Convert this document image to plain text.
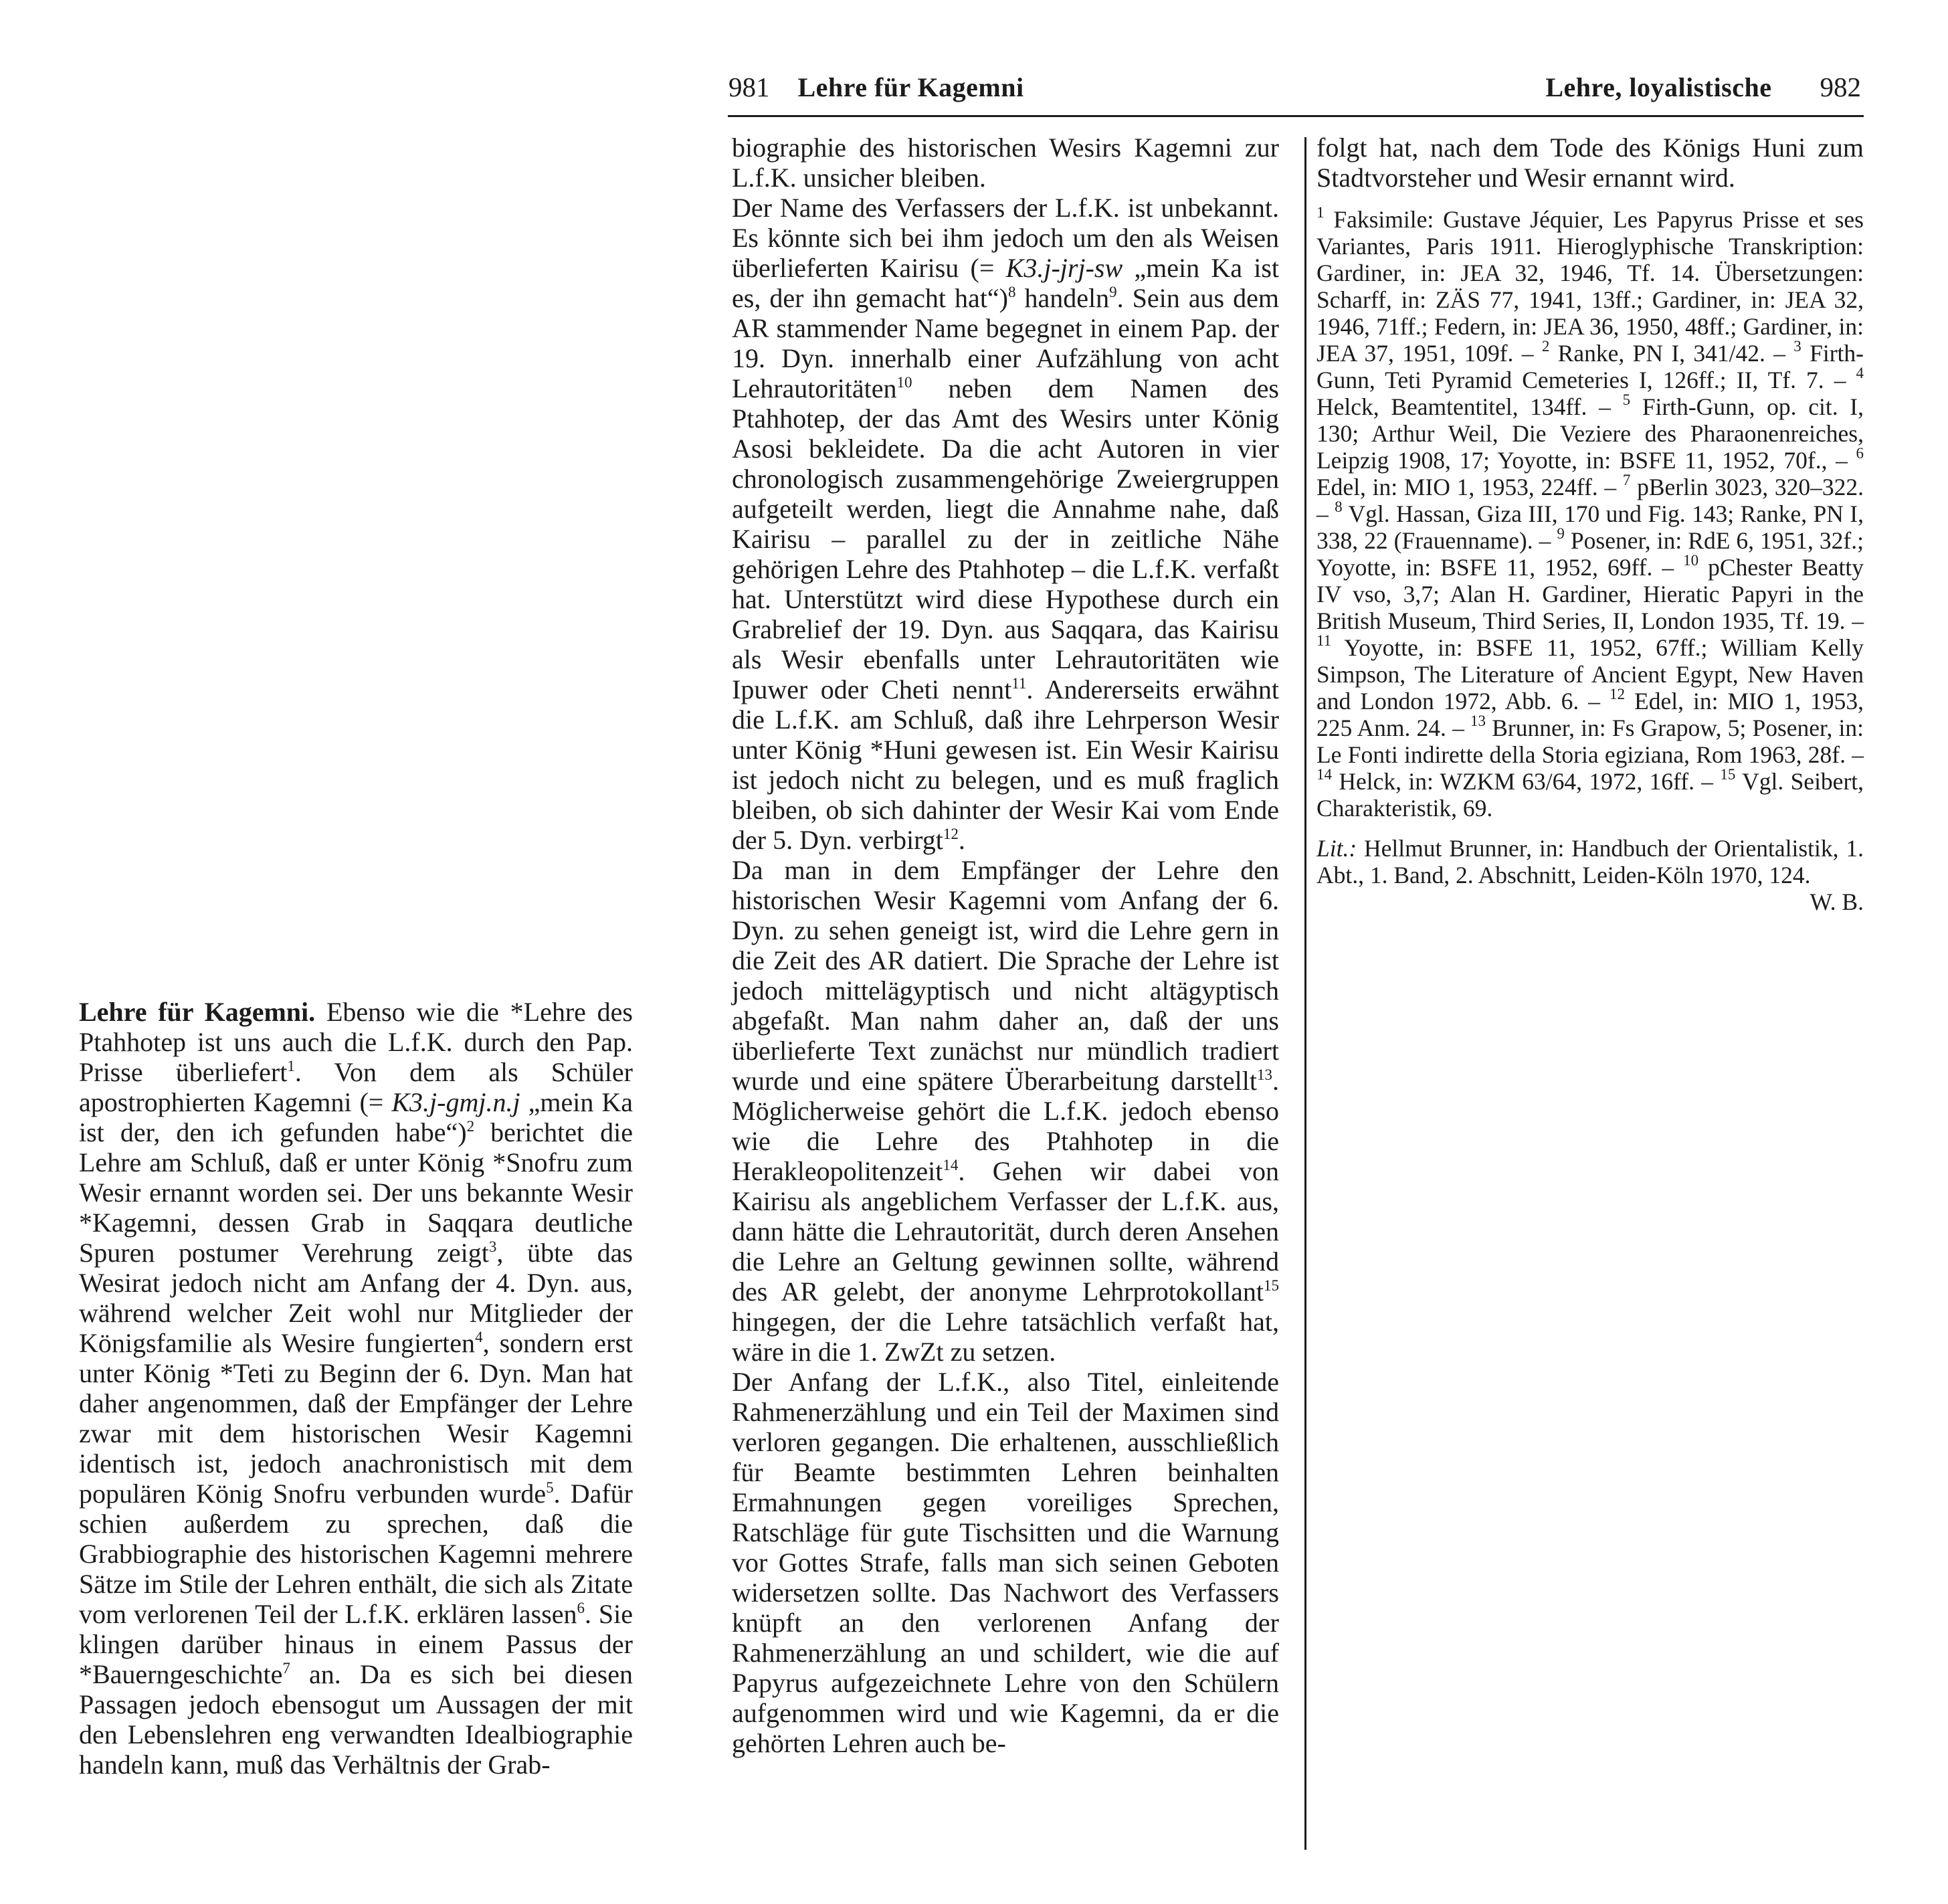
981 Lehre für Kagemni	Lehre, loyalistische 982

Lehre für Kagemni. Ebenso wie die *Lehre des Ptahhotep ist uns auch die L.f.K. durch den Pap. Prisse überliefert$^1$. Von dem als Schüler apostrophierten Kagemni (= K3.j-gmj.n.j „mein Ka ist der, den ich gefunden habe“)$^2$ berichtet die Lehre am Schluß, daß er unter König *Snofru zum Wesir ernannt worden sei. Der uns bekannte Wesir *Kagemni, dessen Grab in Saqqara deutliche Spuren postumer Verehrung zeigt$^3$, übte das Wesirat jedoch nicht am Anfang der 4. Dyn. aus, während welcher Zeit wohl nur Mitglieder der Königsfamilie als Wesire fungierten$^4$, sondern erst unter König *Teti zu Beginn der 6. Dyn. Man hat daher angenommen, daß der Empfänger der Lehre zwar mit dem historischen Wesir Kagemni identisch ist, jedoch anachronistisch mit dem populären König Snofru verbunden wurde$^5$. Dafür schien außerdem zu sprechen, daß die Grabbiographie des historischen Kagemni mehrere Sätze im Stile der Lehren enthält, die sich als Zitate vom verlorenen Teil der L.f.K. erklären lassen$^6$. Sie klingen darüber hinaus in einem Passus der *Bauerngeschichte$^7$ an. Da es sich bei diesen Passagen jedoch ebensogut um Aussagen der mit den Lebenslehren eng verwandten Idealbiographie handeln kann, muß das Verhältnis der Grab-

biographie des historischen Wesirs Kagemni zur L.f.K. unsicher bleiben.

Der Name des Verfassers der L.f.K. ist unbekannt. Es könnte sich bei ihm jedoch um den als Weisen überlieferten Kairisu (= K3.j-jrj-sw „mein Ka ist es, der ihn gemacht hat“)$^8$ handeln$^9$. Sein aus dem AR stammender Name begegnet in einem Pap. der 19. Dyn. innerhalb einer Aufzählung von acht Lehrautoritäten$^{10}$ neben dem Namen des Ptahhotep, der das Amt des Wesirs unter König Asosi bekleidete. Da die acht Autoren in vier chronologisch zusammengehörige Zweiergruppen aufgeteilt werden, liegt die Annahme nahe, daß Kairisu – parallel zu der in zeitliche Nähe gehörigen Lehre des Ptahhotep – die L.f.K. verfaßt hat. Unterstützt wird diese Hypothese durch ein Grabrelief der 19. Dyn. aus Saqqara, das Kairisu als Wesir ebenfalls unter Lehrautoritäten wie Ipuwer oder Cheti nennt$^{11}$. Andererseits erwähnt die L.f.K. am Schluß, daß ihre Lehrperson Wesir unter König *Huni gewesen ist. Ein Wesir Kairisu ist jedoch nicht zu belegen, und es muß fraglich bleiben, ob sich dahinter der Wesir Kai vom Ende der 5. Dyn. verbirgt$^{12}$.

Da man in dem Empfänger der Lehre den historischen Wesir Kagemni vom Anfang der 6. Dyn. zu sehen geneigt ist, wird die Lehre gern in die Zeit des AR datiert. Die Sprache der Lehre ist jedoch mittelägyptisch und nicht altägyptisch abgefaßt. Man nahm daher an, daß der uns überlieferte Text zunächst nur mündlich tradiert wurde und eine spätere Überarbeitung darstellt$^{13}$. Möglicherweise gehört die L.f.K. jedoch ebenso wie die Lehre des Ptahhotep in die Herakleopolitenzeit$^{14}$. Gehen wir dabei von Kairisu als angeblichem Verfasser der L.f.K. aus, dann hätte die Lehrautorität, durch deren Ansehen die Lehre an Geltung gewinnen sollte, während des AR gelebt, der anonyme Lehrprotokollant$^{15}$ hingegen, der die Lehre tatsächlich verfaßt hat, wäre in die 1. ZwZt zu setzen.

Der Anfang der L.f.K., also Titel, einleitende Rahmenerzählung und ein Teil der Maximen sind verloren gegangen. Die erhaltenen, ausschließlich für Beamte bestimmten Lehren beinhalten Ermahnungen gegen voreiliges Sprechen, Ratschläge für gute Tischsitten und die Warnung vor Gottes Strafe, falls man sich seinen Geboten widersetzen sollte. Das Nachwort des Verfassers knüpft an den verlorenen Anfang der Rahmenerzählung an und schildert, wie die auf Papyrus aufgezeichnete Lehre von den Schülern aufgenommen wird und wie Kagemni, da er die gehörten Lehren auch be-

folgt hat, nach dem Tode des Königs Huni zum Stadtvorsteher und Wesir ernannt wird.

$^1$ Faksimile: Gustave Jéquier, Les Papyrus Prisse et ses Variantes, Paris 1911. Hieroglyphische Transkription: Gardiner, in: JEA 32, 1946, Tf. 14. Übersetzungen: Scharff, in: ZÄS 77, 1941, 13ff.; Gardiner, in: JEA 32, 1946, 71ff.; Federn, in: JEA 36, 1950, 48ff.; Gardiner, in: JEA 37, 1951, 109f. – $^2$ Ranke, PN I, 341/42. – $^3$ Firth-Gunn, Teti Pyramid Cemeteries I, 126ff.; II, Tf. 7. – $^4$ Helck, Beamtentitel, 134ff. – $^5$ Firth-Gunn, op. cit. I, 130; Arthur Weil, Die Veziere des Pharaonenreiches, Leipzig 1908, 17; Yoyotte, in: BSFE 11, 1952, 70f., – $^6$ Edel, in: MIO 1, 1953, 224ff. – $^7$ pBerlin 3023, 320–322. – $^8$ Vgl. Hassan, Giza III, 170 und Fig. 143; Ranke, PN I, 338, 22 (Frauenname). – $^9$ Posener, in: RdE 6, 1951, 32f.; Yoyotte, in: BSFE 11, 1952, 69ff. – $^{10}$ pChester Beatty IV vso, 3,7; Alan H. Gardiner, Hieratic Papyri in the British Museum, Third Series, II, London 1935, Tf. 19. – $^{11}$ Yoyotte, in: BSFE 11, 1952, 67ff.; William Kelly Simpson, The Literature of Ancient Egypt, New Haven and London 1972, Abb. 6. – $^{12}$ Edel, in: MIO 1, 1953, 225 Anm. 24. – $^{13}$ Brunner, in: Fs Grapow, 5; Posener, in: Le Fonti indirette della Storia egiziana, Rom 1963, 28f. – $^{14}$ Helck, in: WZKM 63/64, 1972, 16ff. – $^{15}$ Vgl. Seibert, Charakteristik, 69.

Lit.: Hellmut Brunner, in: Handbuch der Orientalistik, 1. Abt., 1. Band, 2. Abschnitt, Leiden-Köln 1970, 124.
W. B.
